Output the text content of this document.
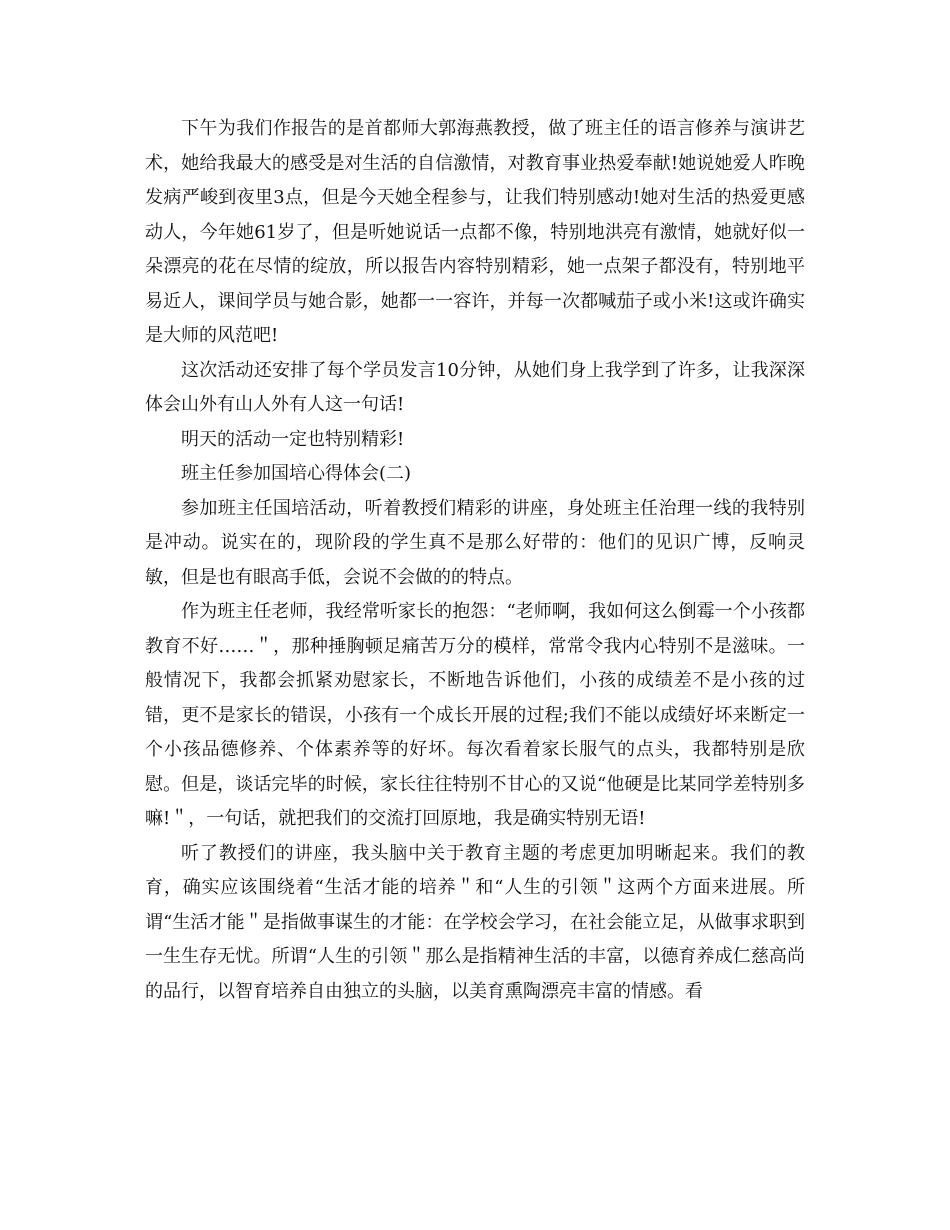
下午为我们作报告的是首都师大郭海燕教授，做了班主任的语言修养与演讲艺术，她给我最大的感受是对生活的自信激情，对教育事业热爱奉献!她说她爱人昨晚发病严峻到夜里3点，但是今天她全程参与，让我们特别感动!她对生活的热爱更感动人，今年她61岁了，但是听她说话一点都不像，特别地洪亮有激情，她就好似一朵漂亮的花在尽情的绽放，所以报告内容特别精彩，她一点架子都没有，特别地平易近人，课间学员与她合影，她都一一容许，并每一次都喊茄子或小米!这或许确实是大师的风范吧!

这次活动还安排了每个学员发言10分钟，从她们身上我学到了许多，让我深深体会山外有山人外有人这一句话!

明天的活动一定也特别精彩!

班主任参加国培心得体会(二)

参加班主任国培活动，听着教授们精彩的讲座，身处班主任治理一线的我特别是冲动。说实在的，现阶段的学生真不是那么好带的：他们的见识广博，反响灵敏，但是也有眼高手低，会说不会做的的特点。

作为班主任老师，我经常听家长的抱怨：“老师啊，我如何这么倒霉一个小孩都教育不好……＂，那种捶胸顿足痛苦万分的模样，常常令我内心特别不是滋味。一般情况下，我都会抓紧劝慰家长，不断地告诉他们，小孩的成绩差不是小孩的过错，更不是家长的错误，小孩有一个成长开展的过程;我们不能以成绩好坏来断定一个小孩品德修养、个体素养等的好坏。每次看着家长服气的点头，我都特别是欣慰。但是，谈话完毕的时候，家长往往特别不甘心的又说“他硬是比某同学差特别多嘛!＂，一句话，就把我们的交流打回原地，我是确实特别无语!

听了教授们的讲座，我头脑中关于教育主题的考虑更加明晰起来。我们的教育，确实应该围绕着“生活才能的培养＂和“人生的引领＂这两个方面来进展。所谓“生活才能＂是指做事谋生的才能：在学校会学习，在社会能立足，从做事求职到一生生存无忧。所谓“人生的引领＂那么是指精神生活的丰富，以德育养成仁慈高尚的品行，以智育培养自由独立的头脑，以美育熏陶漂亮丰富的情感。看
